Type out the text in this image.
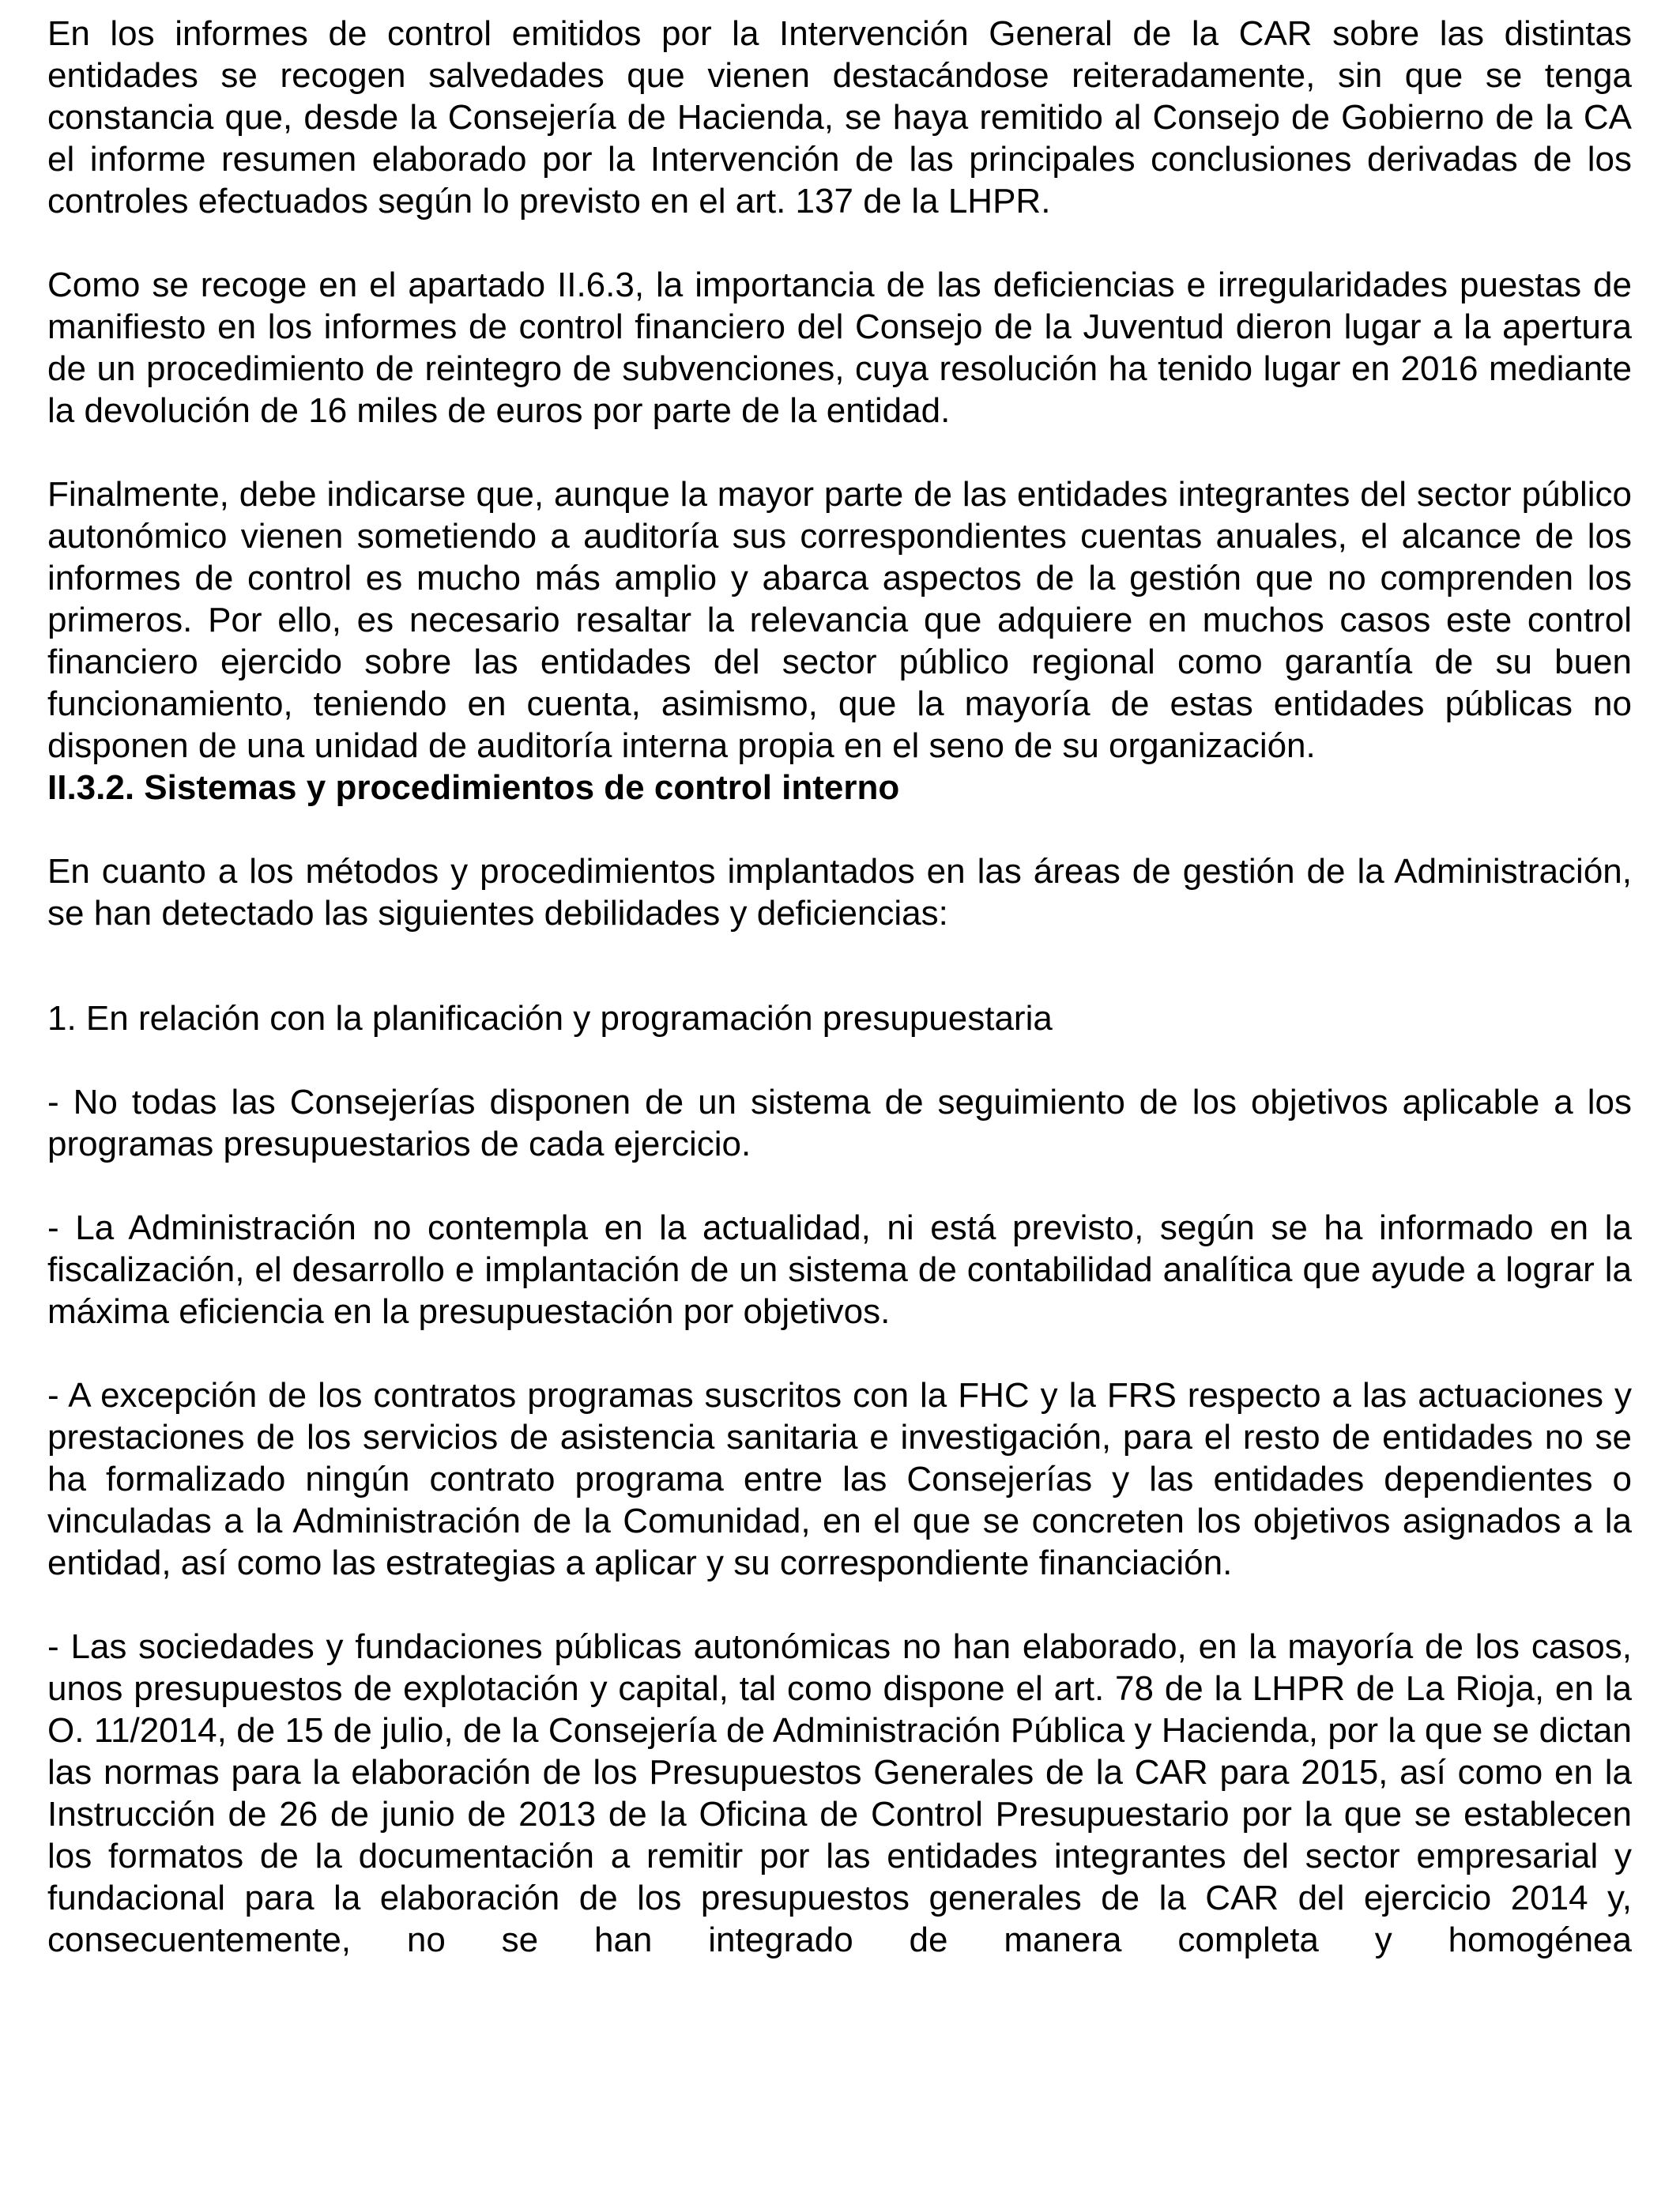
En los informes de control emitidos por la Intervención General de la CAR sobre las distintas entidades se recogen salvedades que vienen destacándose reiteradamente, sin que se tenga constancia que, desde la Consejería de Hacienda, se haya remitido al Consejo de Gobierno de la CA el informe resumen elaborado por la Intervención de las principales conclusiones derivadas de los controles efectuados según lo previsto en el art. 137 de la LHPR.

Como se recoge en el apartado II.6.3, la importancia de las deficiencias e irregularidades puestas de manifiesto en los informes de control financiero del Consejo de la Juventud dieron lugar a la apertura de un procedimiento de reintegro de subvenciones, cuya resolución ha tenido lugar en 2016 mediante la devolución de 16 miles de euros por parte de la entidad.

Finalmente, debe indicarse que, aunque la mayor parte de las entidades integrantes del sector público autonómico vienen sometiendo a auditoría sus correspondientes cuentas anuales, el alcance de los informes de control es mucho más amplio y abarca aspectos de la gestión que no comprenden los primeros. Por ello, es necesario resaltar la relevancia que adquiere en muchos casos este control financiero ejercido sobre las entidades del sector público regional como garantía de su buen funcionamiento, teniendo en cuenta, asimismo, que la mayoría de estas entidades públicas no disponen de una unidad de auditoría interna propia en el seno de su organización.

II.3.2. Sistemas y procedimientos de control interno

En cuanto a los métodos y procedimientos implantados en las áreas de gestión de la Administración, se han detectado las siguientes debilidades y deficiencias:

1. En relación con la planificación y programación presupuestaria

- No todas las Consejerías disponen de un sistema de seguimiento de los objetivos aplicable a los programas presupuestarios de cada ejercicio.

- La Administración no contempla en la actualidad, ni está previsto, según se ha informado en la fiscalización, el desarrollo e implantación de un sistema de contabilidad analítica que ayude a lograr la máxima eficiencia en la presupuestación por objetivos.

- A excepción de los contratos programas suscritos con la FHC y la FRS respecto a las actuaciones y prestaciones de los servicios de asistencia sanitaria e investigación, para el resto de entidades no se ha formalizado ningún contrato programa entre las Consejerías y las entidades dependientes o vinculadas a la Administración de la Comunidad, en el que se concreten los objetivos asignados a la entidad, así como las estrategias a aplicar y su correspondiente financiación.

- Las sociedades y fundaciones públicas autonómicas no han elaborado, en la mayoría de los casos, unos presupuestos de explotación y capital, tal como dispone el art. 78 de la LHPR de La Rioja, en la O. 11/2014, de 15 de julio, de la Consejería de Administración Pública y Hacienda, por la que se dictan las normas para la elaboración de los Presupuestos Generales de la CAR para 2015, así como en la Instrucción de 26 de junio de 2013 de la Oficina de Control Presupuestario por la que se establecen los formatos de la documentación a remitir por las entidades integrantes del sector empresarial y fundacional para la elaboración de los presupuestos generales de la CAR del ejercicio 2014 y, consecuentemente, no se han integrado de manera completa y homogénea
